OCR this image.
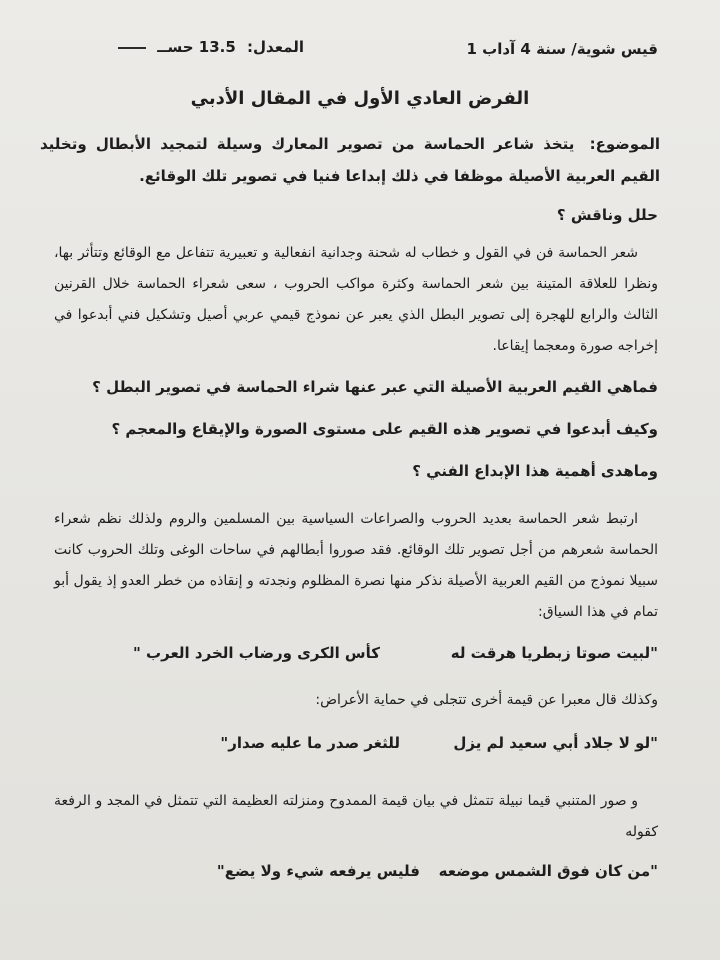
قيس شوية/ سنة 4 آداب 1
المعدل: 13.5 حســ
الفرض العادي الأول في المقال الأدبي
الموضوع: يتخذ شاعر الحماسة من تصوير المعارك وسيلة لتمجيد الأبطال وتخليد القيم العربية الأصيلة موظفا في ذلك إبداعا فنيا في تصوير تلك الوقائع.
حلل وناقش ؟
شعر الحماسة فن في القول و خطاب له شحنة وجدانية انفعالية و تعبيرية تتفاعل مع الوقائع وتتأثر بها، ونظرا للعلاقة المتينة بين شعر الحماسة وكثرة مواكب الحروب ، سعى شعراء الحماسة خلال القرنين الثالث والرابع للهجرة إلى تصوير البطل الذي يعبر عن نموذج قيمي عربي أصيل وتشكيل فني أبدعوا في إخراجه صورة ومعجما إيقاعا.
فماهي القيم العربية الأصيلة التي عبر عنها شراء الحماسة في تصوير البطل ؟
وكيف أبدعوا في تصوير هذه القيم على مستوى الصورة والإيقاع والمعجم ؟
وماهدى أهمية هذا الإبداع الفني ؟
ارتبط شعر الحماسة بعديد الحروب والصراعات السياسية بين المسلمين والروم ولذلك نظم شعراء الحماسة شعرهم من أجل تصوير تلك الوقائع. فقد صوروا أبطالهم في ساحات الوغى وتلك الحروب كانت سبيلا نموذج من القيم العربية الأصيلة نذكر منها نصرة المظلوم ونجدته و إنقاذه من خطر العدو إذ يقول أبو تمام في هذا السياق:
"لبيت صوتا زبطريا هرقت له
كأس الكرى ورضاب الخرد العرب "
وكذلك قال معبرا عن قيمة أخرى تتجلى في حماية الأعراض:
"لو لا جلاد أبي سعيد لم يزل
للثغر صدر ما عليه صدار"
و صور المتنبي قيما نبيلة تتمثل في بيان قيمة الممدوح ومنزلته العظيمة التي تتمثل في المجد و الرفعة كقوله
"من كان فوق الشمس موضعه
فليس يرفعه شيء ولا يضع"
